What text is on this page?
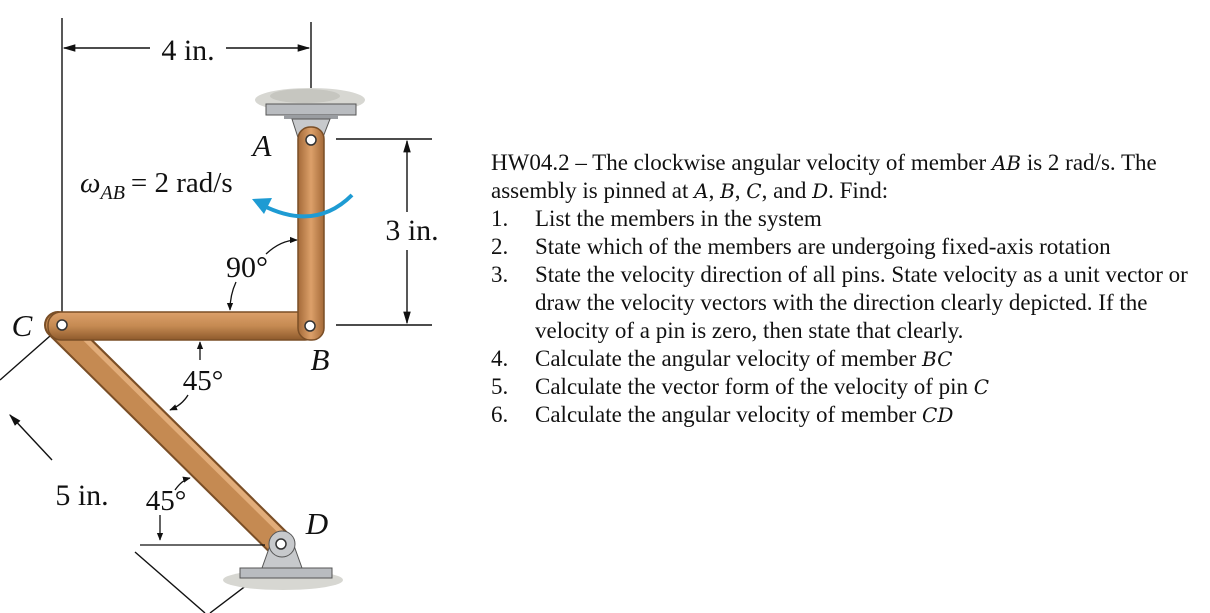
4 in.
3 in.
5 in.
$\omega_{AB} = 2$ rad/s
90°
45°
45°
A
B
C
D

HW04.2 – The clockwise angular velocity of member AB is 2 rad/s. The assembly is pinned at A, B, C, and D. Find:

1. List the members in the system
2. State which of the members are undergoing fixed-axis rotation
3. State the velocity direction of all pins. State velocity as a unit vector or draw the velocity vectors with the direction clearly depicted. If the velocity of a pin is zero, then state that clearly.
4. Calculate the angular velocity of member BC
5. Calculate the vector form of the velocity of pin C
6. Calculate the angular velocity of member CD
